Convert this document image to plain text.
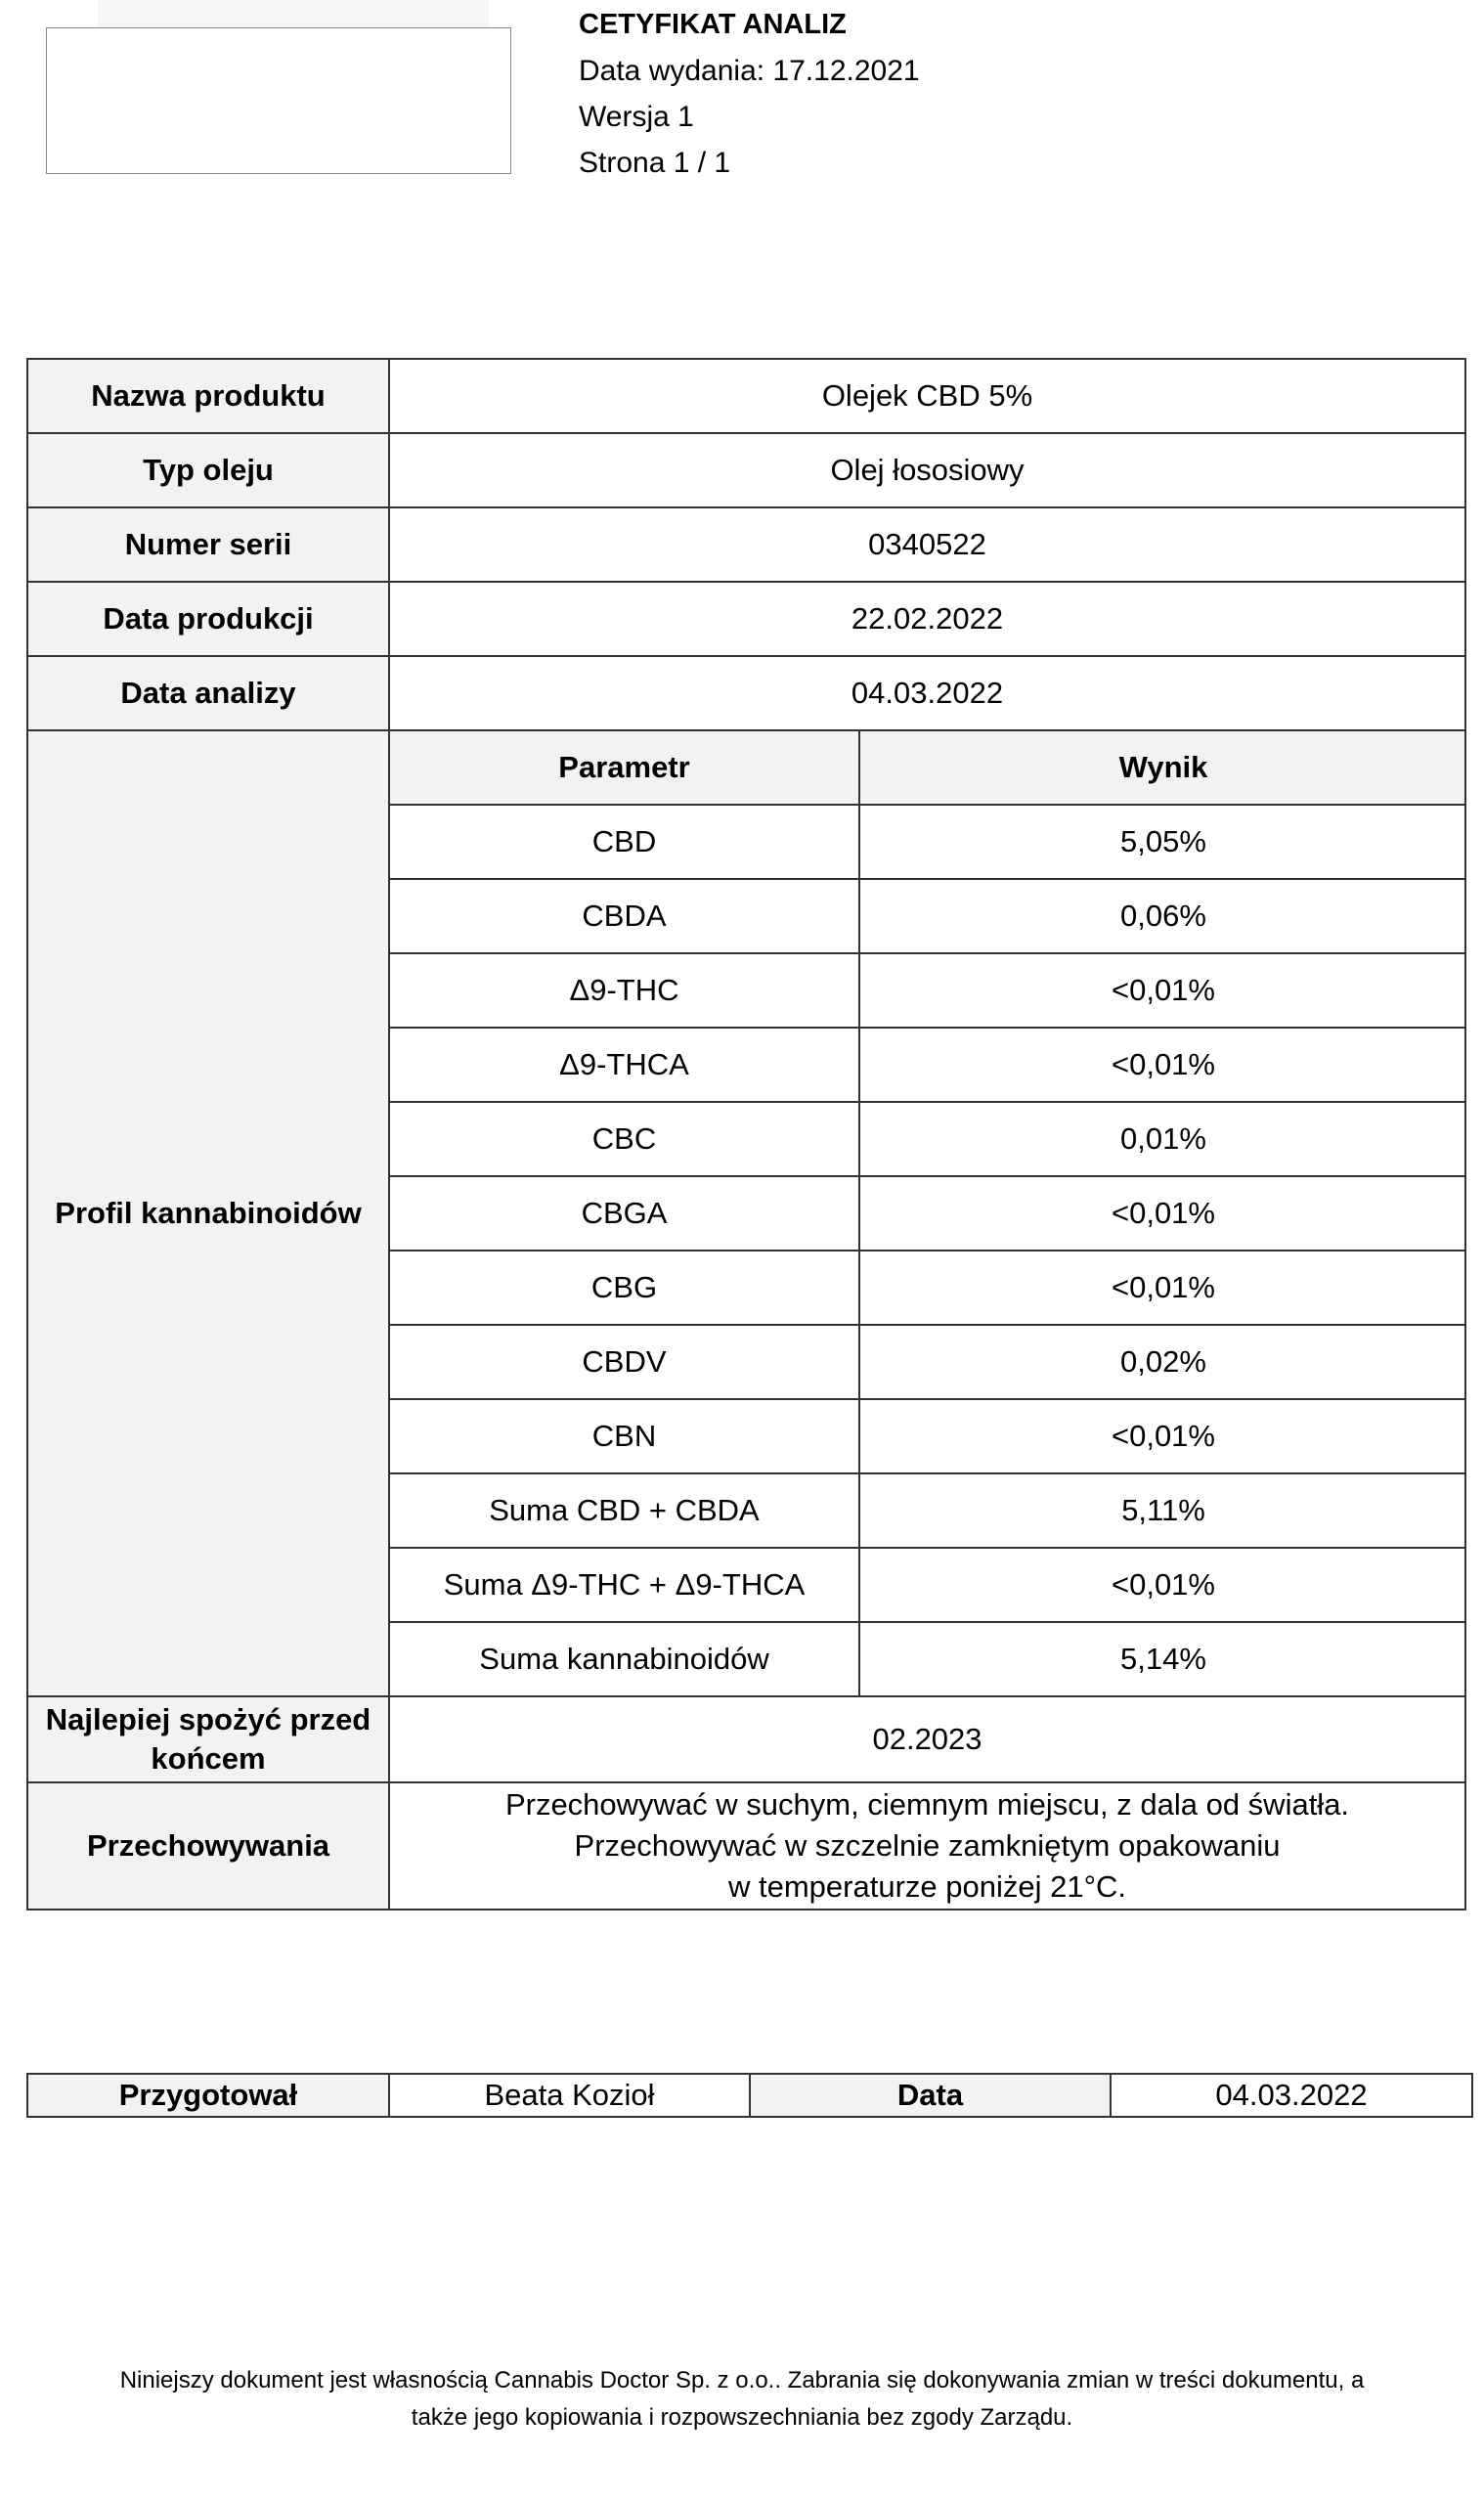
CETYFIKAT ANALIZ
Data wydania: 17.12.2021
Wersja 1
Strona 1 / 1
Nazwa produktu	Olejek CBD 5%
Typ oleju	Olej łososiowy
Numer serii	0340522
Data produkcji	22.02.2022
Data analizy	04.03.2022
Profil kannabinoidów	
Parametr	Wynik
CBD	5,05%
CBDA	0,06%
Δ9-THC	<0,01%
Δ9-THCA	<0,01%
CBC	0,01%
CBGA	<0,01%
CBG	<0,01%
CBDV	0,02%
CBN	<0,01%
Suma CBD + CBDA	5,11%
Suma Δ9-THC + Δ9-THCA	<0,01%
Suma kannabinoidów	5,14%

Najlepiej spożyć przed
końcem	02.2023
Przechowywania	Przechowywać w suchym, ciemnym miejscu, z dala od światła.
Przechowywać w szczelnie zamkniętym opakowaniu
w temperaturze poniżej 21°C.
Przygotował	Beata Kozioł	Data	04.03.2022
Niniejszy dokument jest własnością Cannabis Doctor Sp. z o.o.. Zabrania się dokonywania zmian w treści dokumentu, a
także jego kopiowania i rozpowszechniania bez zgody Zarządu.
